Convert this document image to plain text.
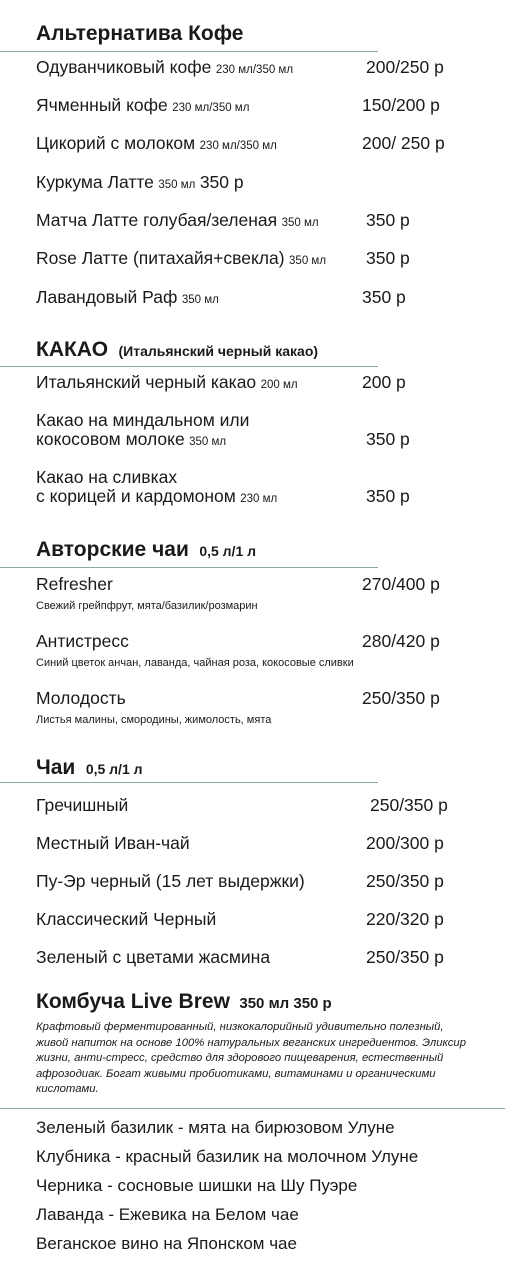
Альтернатива Кофе
Одуванчиковый кофе 230 мл/350 мл	200/250 р
Ячменный кофе 230 мл/350 мл	150/200 р
Цикорий с молоком 230 мл/350 мл	200/ 250 р
Куркума Латте 350 мл 350 р
Матча Латте голубая/зеленая 350 мл	350 р
Rose Латте (питахайя+свекла) 350 мл 350 р
Лавандовый Раф 350 мл	350 р
КАКАО (Итальянский черный какао)
Итальянский черный какао 200 мл	200 р
Какао на миндальном или
кокосовом молоке 350 мл	350 р
Какао на сливках
с корицей и кардомоном 230 мл	350 р
Авторские чаи 0,5 л/1 л
Refresher	270/400 р
Свежий грейпфрут, мята/базилик/розмарин
Антистресс	280/420 р
Синий цветок анчан, лаванда, чайная роза, кокосовые сливки
Молодость	250/350 р
Листья малины, смородины, жимолость, мята
Чаи 0,5 л/1 л
Гречишный	250/350 р
Местный Иван-чай	200/300 р
Пу-Эр черный (15 лет выдержки)	250/350 р
Классический Черный	220/320 р
Зеленый с цветами жасмина	250/350 р
Комбуча Live Brew 350 мл 350 р
Крафтовый ферментированный, низкокалорийный удивительно полезный, живой напиток на основе 100% натуральных веганских ингредиентов. Эликсир жизни, анти-стресс, средство для здорового пищеварения, естественный афрозодиак. Богат живыми пробиотиками, витаминами и органическими кислотами.
Зеленый базилик - мята на бирюзовом Улуне
Клубника - красный базилик на молочном Улуне
Черника - сосновые шишки на Шу Пуэре
Лаванда - Ежевика на Белом чае
Веганское вино на Японском чае
